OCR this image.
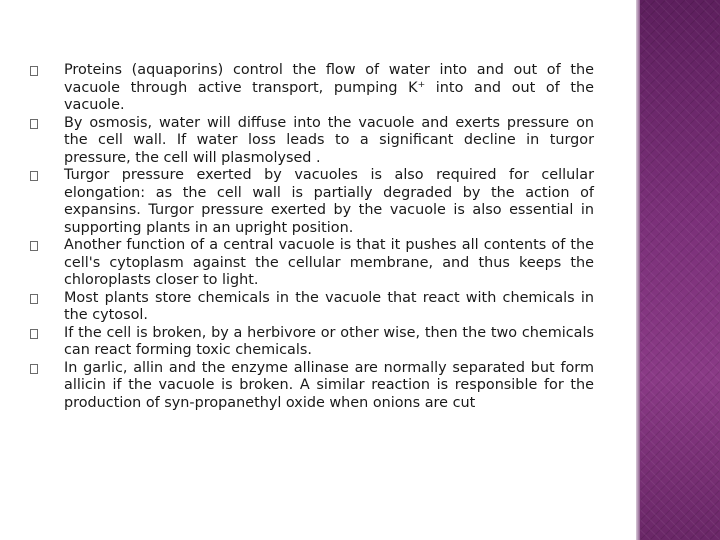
Proteins (aquaporins) control the flow of water into and out of the vacuole through active transport, pumping K⁺ into and out of the vacuole.
By osmosis, water will diffuse into the vacuole and exerts pressure on the cell wall. If water loss leads to a significant decline in turgor pressure, the cell will plasmolysed .
Turgor pressure exerted by vacuoles is also required for cellular elongation: as the cell wall is partially degraded by the action of expansins. Turgor pressure exerted by the vacuole is also essential in supporting plants in an upright position.
Another function of a central vacuole is that it pushes all contents of the cell's cytoplasm against the cellular membrane, and thus keeps the chloroplasts closer to light.
Most plants store chemicals in the vacuole that react with chemicals in the cytosol.
If the cell is broken, by a herbivore or other wise, then the two chemicals can react forming toxic chemicals.
In garlic, allin and the enzyme allinase are normally separated but form allicin if the vacuole is broken. A similar reaction is responsible for the production of syn-propanethyl oxide when onions are cut
